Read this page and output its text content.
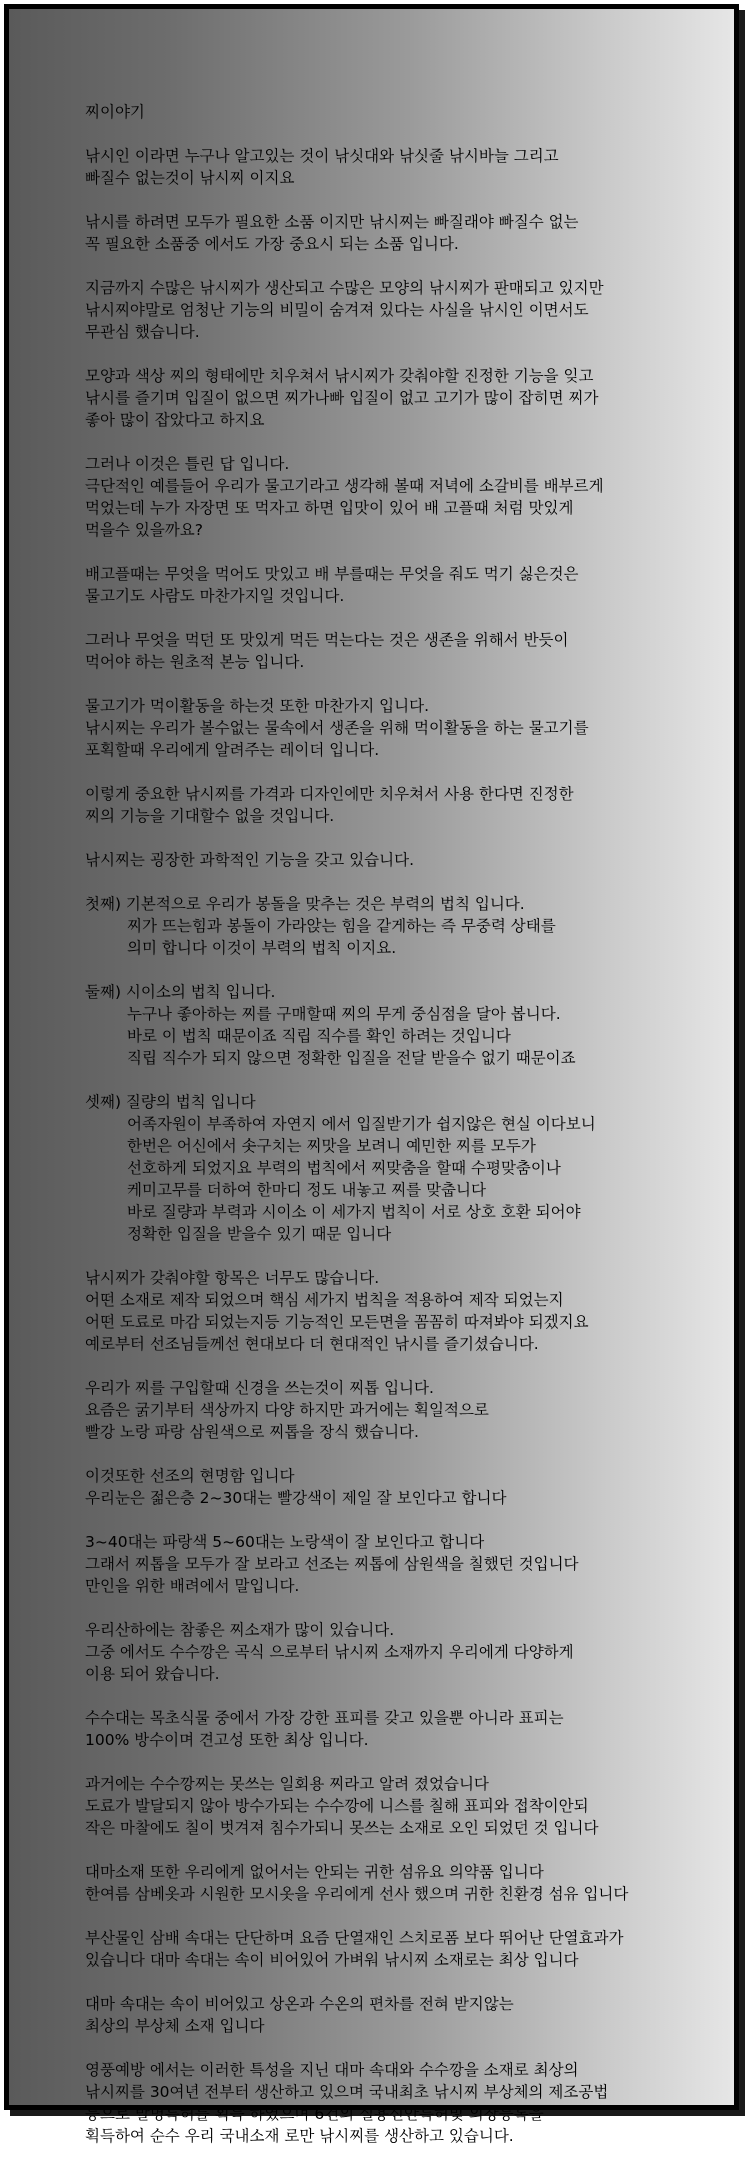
찌이야기
낚시인 이라면 누구나 알고있는 것이 낚싯대와 낚싯줄 낚시바늘 그리고
빠질수 없는것이 낚시찌 이지요
낚시를 하려면 모두가 필요한 소품 이지만 낚시찌는 빠질래야 빠질수 없는
꼭 필요한 소품중 에서도 가장 중요시 되는 소품 입니다.
지금까지 수많은 낚시찌가 생산되고 수많은 모양의 낚시찌가 판매되고 있지만
낚시찌야말로 엄청난 기능의 비밀이 숨겨져 있다는 사실을 낚시인 이면서도
무관심 했습니다.
모양과 색상 찌의 형태에만 치우쳐서 낚시찌가 갖춰야할 진정한 기능을 잊고
낚시를 즐기며 입질이 없으면 찌가나빠 입질이 없고 고기가 많이 잡히면 찌가
좋아 많이 잡았다고 하지요
그러나 이것은 틀린 답 입니다.
극단적인 예를들어 우리가 물고기라고 생각해 볼때 저녁에 소갈비를 배부르게
먹었는데 누가 자장면 또 먹자고 하면 입맛이 있어 배 고플때 처럼 맛있게
먹을수 있을까요?
배고플때는 무엇을 먹어도 맛있고 배 부를때는 무엇을 줘도 먹기 싫은것은
물고기도 사람도 마찬가지일 것입니다.
그러나 무엇을 먹던 또 맛있게 먹든 먹는다는 것은 생존을 위해서 반듯이
먹어야 하는 원초적 본능 입니다.
물고기가 먹이활동을 하는것 또한 마찬가지 입니다.
낚시찌는 우리가 볼수없는 물속에서 생존을 위해 먹이활동을 하는 물고기를
포획할때 우리에게 알려주는 레이더 입니다.
이렇게 중요한 낚시찌를 가격과 디자인에만 치우쳐서 사용 한다면 진정한
찌의 기능을 기대할수 없을 것입니다.
낚시찌는 굉장한 과학적인 기능을 갖고 있습니다.
첫째) 기본적으로 우리가 봉돌을 맞추는 것은 부력의 법칙 입니다.
찌가 뜨는힘과 봉돌이 가라앉는 힘을 같게하는 즉 무중력 상태를
의미 합니다 이것이 부력의 법칙 이지요.
둘째) 시이소의 법칙 입니다.
누구나 좋아하는 찌를 구매할때 찌의 무게 중심점을 달아 봅니다.
바로 이 법칙 때문이죠 직립 직수를 확인 하려는 것입니다
직립 직수가 되지 않으면 정확한 입질을 전달 받을수 없기 때문이죠
셋째) 질량의 법칙 입니다
어족자원이 부족하여 자연지 에서 입질받기가 쉽지않은 현실 이다보니
한번은 어신에서 솟구치는 찌맛을 보려니 예민한 찌를 모두가
선호하게 되었지요 부력의 법칙에서 찌맞춤을 할때 수평맞춤이나
케미고무를 더하여 한마디 정도 내놓고 찌를 맞춥니다
바로 질량과 부력과 시이소 이 세가지 법칙이 서로 상호 호환 되어야
정확한 입질을 받을수 있기 때문 입니다
낚시찌가 갖춰야할 항목은 너무도 많습니다.
어떤 소재로 제작 되었으며 핵심 세가지 법칙을 적용하여 제작 되었는지
어떤 도료로 마감 되었는지등 기능적인 모든면을 꼼꼼히 따져봐야 되겠지요
예로부터 선조님들께선 현대보다 더 현대적인 낚시를 즐기셨습니다.
우리가 찌를 구입할때 신경을 쓰는것이 찌톱 입니다.
요즘은 굵기부터 색상까지 다양 하지만 과거에는 획일적으로
빨강 노랑 파랑 삼원색으로 찌톱을 장식 했습니다.
이것또한 선조의 현명함 입니다
우리눈은 젊은층 2~30대는 빨강색이 제일 잘 보인다고 합니다
3~40대는 파랑색 5~60대는 노랑색이 잘 보인다고 합니다
그래서 찌톱을 모두가 잘 보라고 선조는 찌톱에 삼원색을 칠했던 것입니다
만인을 위한 배려에서 말입니다.
우리산하에는 참좋은 찌소재가 많이 있습니다.
그중 에서도 수수깡은 곡식 으로부터 낚시찌 소재까지 우리에게 다양하게
이용 되어 왔습니다.
수수대는 목초식물 중에서 가장 강한 표피를 갖고 있을뿐 아니라 표피는
100% 방수이며 견고성 또한 최상 입니다.
과거에는 수수깡찌는 못쓰는 일회용 찌라고 알려 졌었습니다
도료가 발달되지 않아 방수가되는 수수깡에 니스를 칠해 표피와 접착이안되
작은 마찰에도 칠이 벗겨져 침수가되니 못쓰는 소재로 오인 되었던 것 입니다
대마소재 또한 우리에게 없어서는 안되는 귀한 섬유요 의약품 입니다
한여름 삼베옷과 시원한 모시옷을 우리에게 선사 했으며 귀한 친환경 섬유 입니다
부산물인 삼배 속대는 단단하며 요즘 단열재인 스치로폼 보다 뛰어난 단열효과가
있습니다 대마 속대는 속이 비어있어 가벼워 낚시찌 소재로는 최상 입니다
대마 속대는 속이 비어있고 상온과 수온의 편차를 전혀 받지않는
최상의 부상체 소재 입니다
영풍예방 에서는 이러한 특성을 지닌 대마 속대와 수수깡을 소재로 최상의
낚시찌를 30여년 전부터 생산하고 있으며 국내최초 낚시찌 부상체의 제조공법
등으로 발명특허를 획득 하였으며 6건의 실용신안특허및 의장등록을
획득하여 순수 우리 국내소재 로만 낚시찌를 생산하고 있습니다.
